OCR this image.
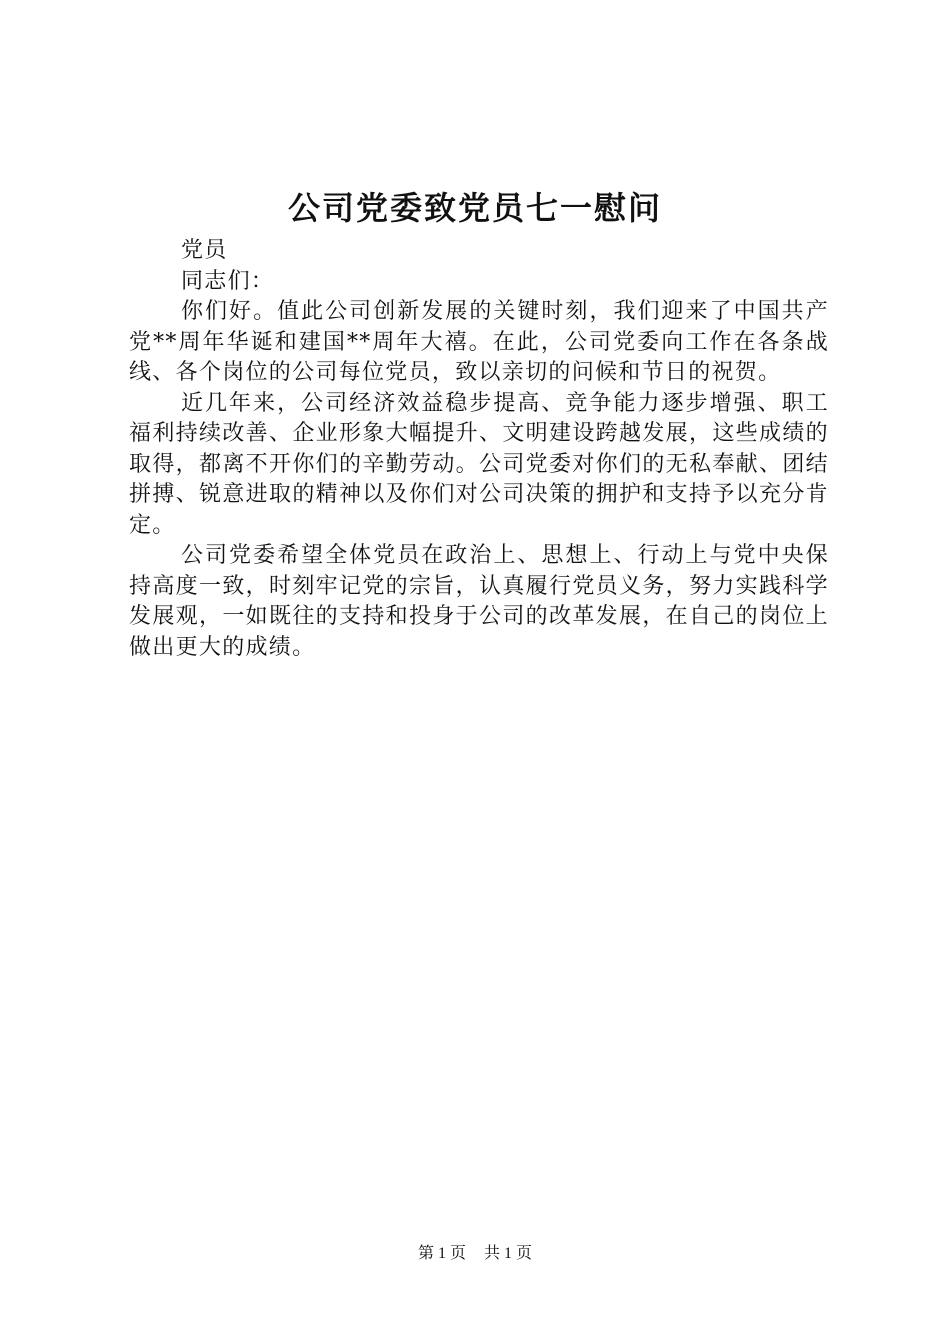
公司党委致党员七一慰问

党员

同志们：

你们好。值此公司创新发展的关键时刻，我们迎来了中国共产党**周年华诞和建国**周年大禧。在此，公司党委向工作在各条战线、各个岗位的公司每位党员，致以亲切的问候和节日的祝贺。

近几年来，公司经济效益稳步提高、竞争能力逐步增强、职工福利持续改善、企业形象大幅提升、文明建设跨越发展，这些成绩的取得，都离不开你们的辛勤劳动。公司党委对你们的无私奉献、团结拼搏、锐意进取的精神以及你们对公司决策的拥护和支持予以充分肯定。

公司党委希望全体党员在政治上、思想上、行动上与党中央保持高度一致，时刻牢记党的宗旨，认真履行党员义务，努力实践科学发展观，一如既往的支持和投身于公司的改革发展，在自己的岗位上做出更大的成绩。

第 1 页 共 1 页
